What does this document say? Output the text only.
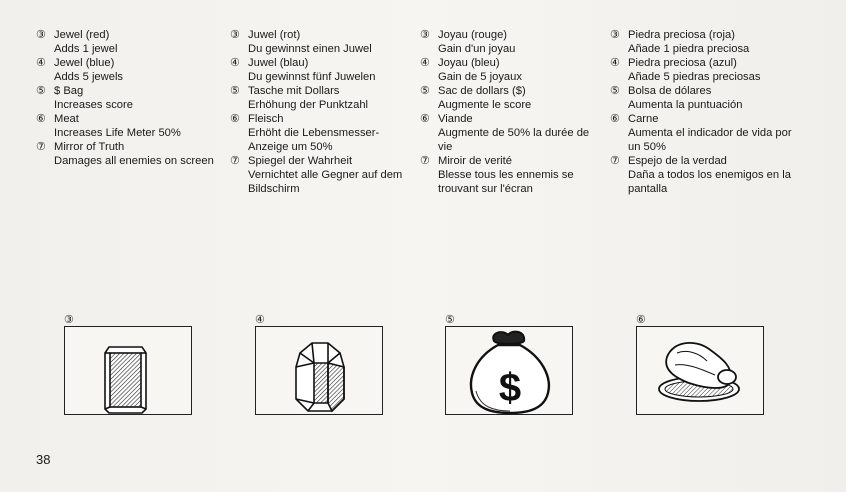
③ Jewel (red)
Adds 1 jewel
④ Jewel (blue)
Adds 5 jewels
⑤ $ Bag
Increases score
⑥ Meat
Increases Life Meter 50%
⑦ Mirror of Truth
Damages all enemies on screen
③ Juwel (rot)
Du gewinnst einen Juwel
④ Juwel (blau)
Du gewinnst fünf Juwelen
⑤ Tasche mit Dollars
Erhöhung der Punktzahl
⑥ Fleisch
Erhöht die Lebensmesser-Anzeige um 50%
⑦ Spiegel der Wahrheit
Vernichtet alle Gegner auf dem Bildschirm
③ Joyau (rouge)
Gain d'un joyau
④ Joyau (bleu)
Gain de 5 joyaux
⑤ Sac de dollars ($)
Augmente le score
⑥ Viande
Augmente de 50% la durée de vie
⑦ Miroir de verité
Blesse tous les ennemis se trouvant sur l'écran
③ Piedra preciosa (roja)
Añade 1 piedra preciosa
④ Piedra preciosa (azul)
Añade 5 piedras preciosas
⑤ Bolsa de dólares
Aumenta la puntuación
⑥ Carne
Aumenta el indicador de vida por un 50%
⑦ Espejo de la verdad
Daña a todos los enemigos en la pantalla
③	④	⑤	⑥
$
38
